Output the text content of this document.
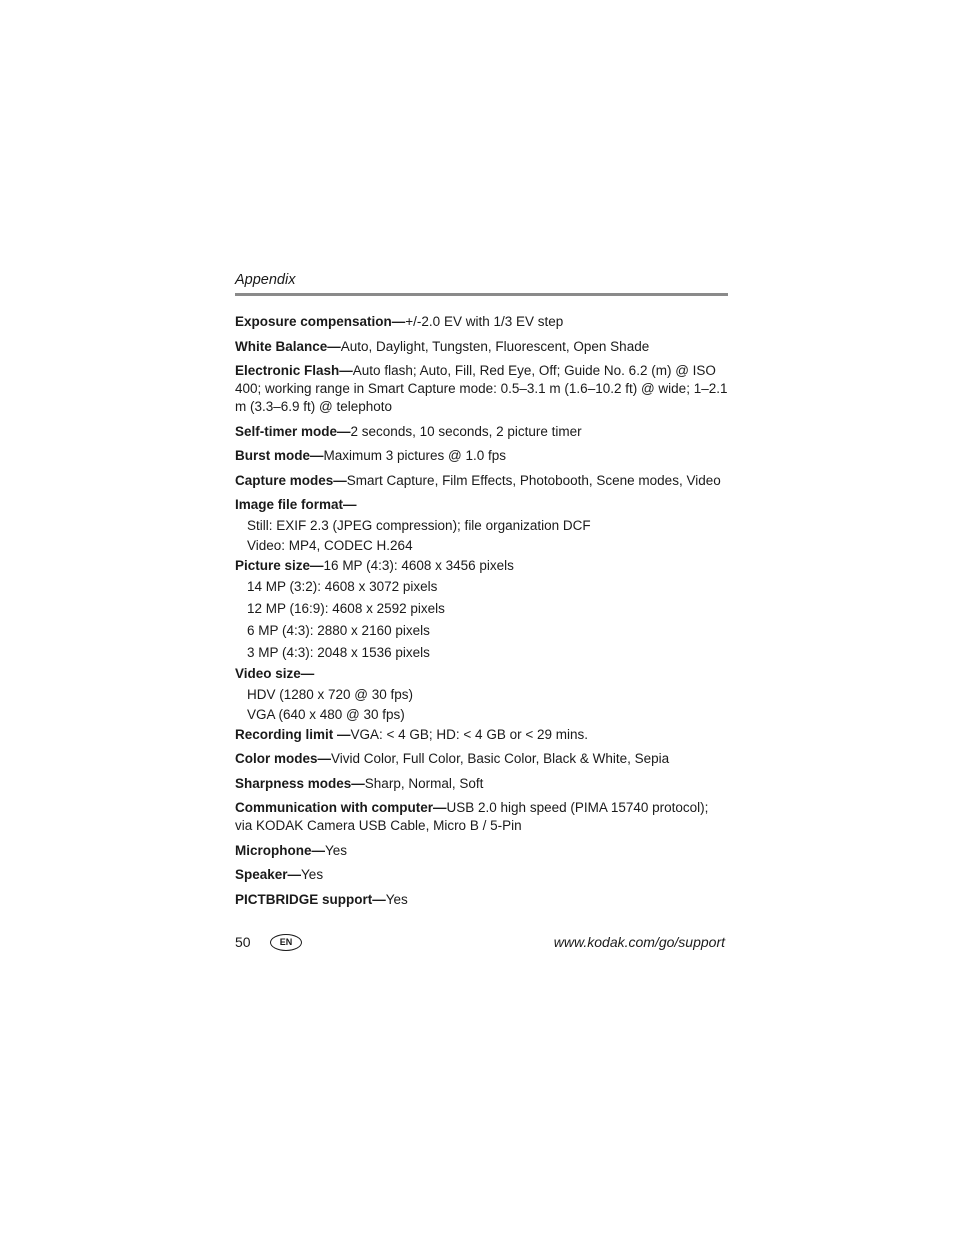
Appendix
Exposure compensation—+/-2.0 EV with 1/3 EV step
White Balance—Auto, Daylight, Tungsten, Fluorescent, Open Shade
Electronic Flash—Auto flash; Auto, Fill, Red Eye, Off; Guide No. 6.2 (m) @ ISO 400; working range in Smart Capture mode: 0.5–3.1 m (1.6–10.2 ft) @ wide; 1–2.1 m (3.3–6.9 ft) @ telephoto
Self-timer mode—2 seconds, 10 seconds, 2 picture timer
Burst mode—Maximum 3 pictures @ 1.0 fps
Capture modes—Smart Capture, Film Effects, Photobooth, Scene modes, Video
Image file format—
Still: EXIF 2.3 (JPEG compression); file organization DCF
Video: MP4, CODEC H.264
Picture size—16 MP (4:3): 4608 x 3456 pixels
14 MP (3:2): 4608 x 3072 pixels
12 MP (16:9): 4608 x 2592 pixels
6 MP (4:3): 2880 x 2160 pixels
3 MP (4:3): 2048 x 1536 pixels
Video size—
HDV (1280 x 720 @ 30 fps)
VGA (640 x 480 @ 30 fps)
Recording limit —VGA: < 4 GB; HD: < 4 GB or < 29 mins.
Color modes—Vivid Color, Full Color, Basic Color, Black & White, Sepia
Sharpness modes—Sharp, Normal, Soft
Communication with computer—USB 2.0 high speed (PIMA 15740 protocol); via KODAK Camera USB Cable, Micro B / 5-Pin
Microphone—Yes
Speaker—Yes
PICTBRIDGE support—Yes
50	EN	www.kodak.com/go/support
